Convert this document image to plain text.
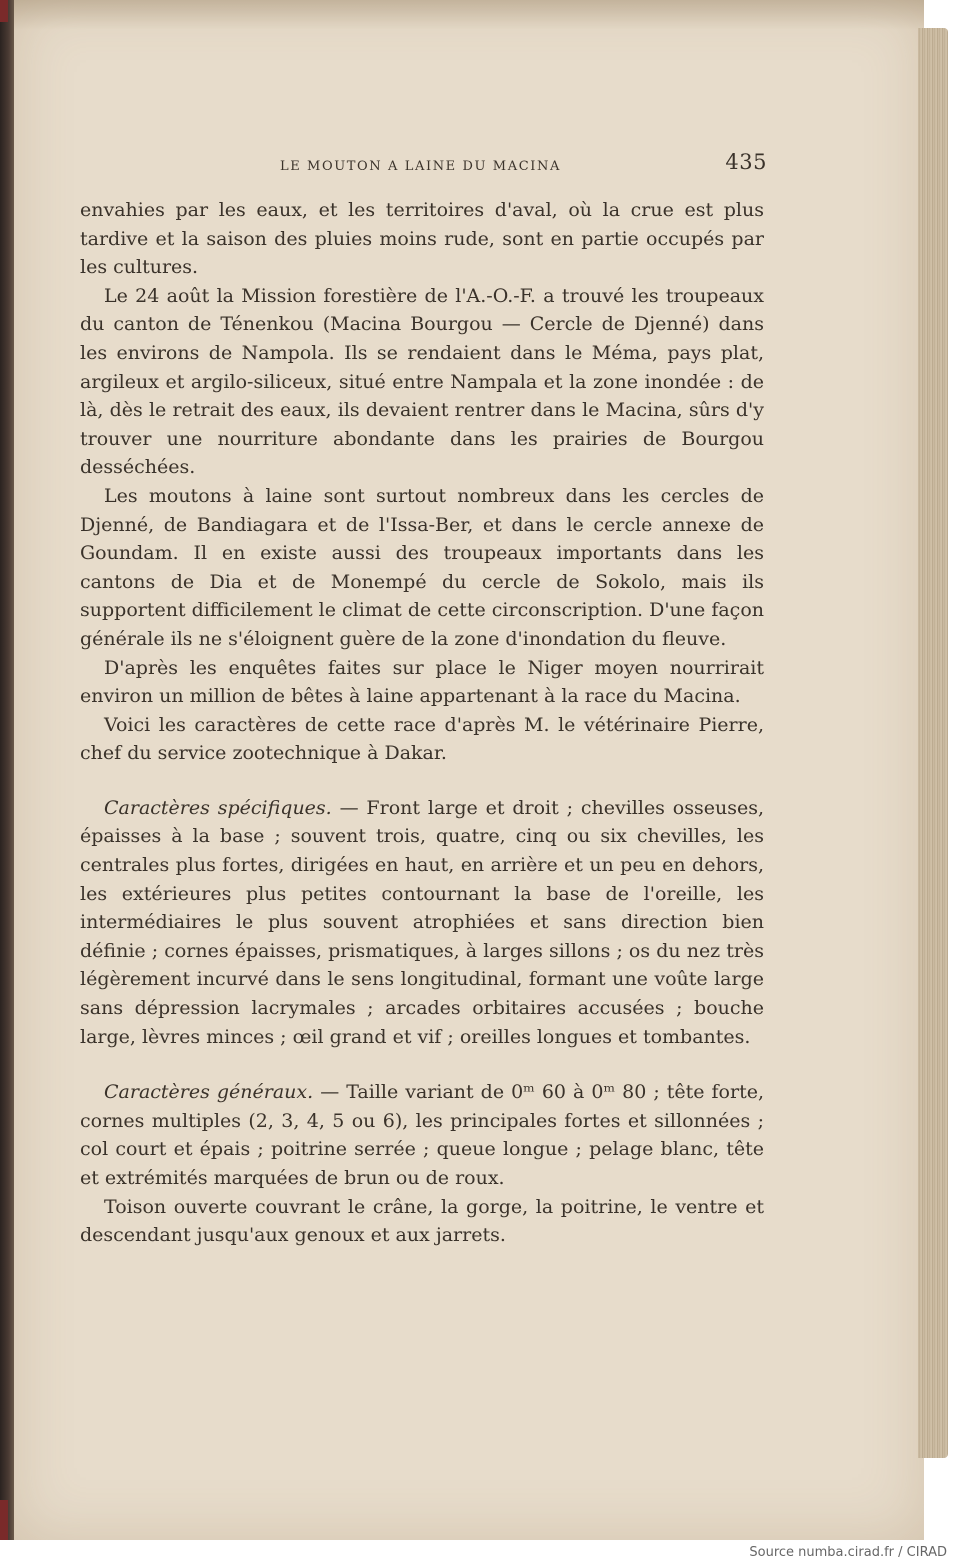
LE MOUTON A LAINE DU MACINA	435

envahies par les eaux, et les territoires d'aval, où la crue est plus tardive et la saison des pluies moins rude, sont en partie occupés par les cultures.

Le 24 août la Mission forestière de l'A.-O.-F. a trouvé les troupeaux du canton de Ténenkou (Macina Bourgou — Cercle de Djenné) dans les environs de Nampola. Ils se rendaient dans le Méma, pays plat, argileux et argilo-siliceux, situé entre Nampala et la zone inondée : de là, dès le retrait des eaux, ils devaient rentrer dans le Macina, sûrs d'y trouver une nourriture abondante dans les prairies de Bourgou desséchées.

Les moutons à laine sont surtout nombreux dans les cercles de Djenné, de Bandiagara et de l'Issa-Ber, et dans le cercle annexe de Goundam. Il en existe aussi des troupeaux importants dans les cantons de Dia et de Monempé du cercle de Sokolo, mais ils supportent difficilement le climat de cette circonscription. D'une façon générale ils ne s'éloignent guère de la zone d'inondation du fleuve.

D'après les enquêtes faites sur place le Niger moyen nourrirait environ un million de bêtes à laine appartenant à la race du Macina.

Voici les caractères de cette race d'après M. le vétérinaire Pierre, chef du service zootechnique à Dakar.

Caractères spécifiques. — Front large et droit ; chevilles osseuses, épaisses à la base ; souvent trois, quatre, cinq ou six chevilles, les centrales plus fortes, dirigées en haut, en arrière et un peu en dehors, les extérieures plus petites contournant la base de l'oreille, les intermédiaires le plus souvent atrophiées et sans direction bien définie ; cornes épaisses, prismatiques, à larges sillons ; os du nez très légèrement incurvé dans le sens longitudinal, formant une voûte large sans dépression lacrymales ; arcades orbitaires accusées ; bouche large, lèvres minces ; œil grand et vif ; oreilles longues et tombantes.

Caractères généraux. — Taille variant de 0ᵐ 60 à 0ᵐ 80 ; tête forte, cornes multiples (2, 3, 4, 5 ou 6), les principales fortes et sillonnées ; col court et épais ; poitrine serrée ; queue longue ; pelage blanc, tête et extrémités marquées de brun ou de roux.

Toison ouverte couvrant le crâne, la gorge, la poitrine, le ventre et descendant jusqu'aux genoux et aux jarrets.

Source numba.cirad.fr / CIRAD
